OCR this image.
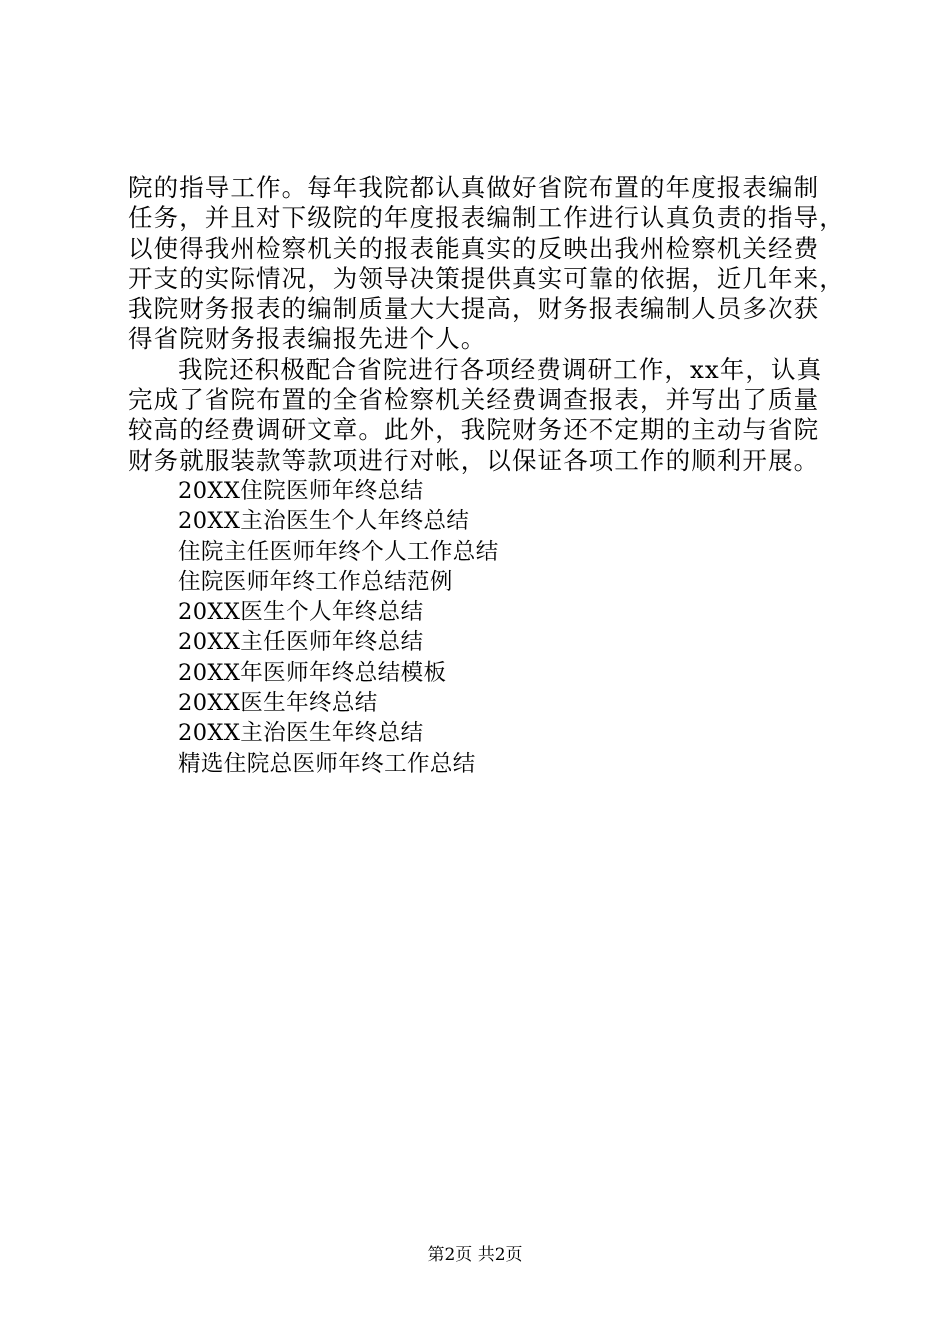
院的指导工作。每年我院都认真做好省院布置的年度报表编制
任务，并且对下级院的年度报表编制工作进行认真负责的指导，
以使得我州检察机关的报表能真实的反映出我州检察机关经费
开支的实际情况，为领导决策提供真实可靠的依据，近几年来，
我院财务报表的编制质量大大提高，财务报表编制人员多次获
得省院财务报表编报先进个人。
我院还积极配合省院进行各项经费调研工作，xx年，认真
完成了省院布置的全省检察机关经费调查报表，并写出了质量
较高的经费调研文章。此外，我院财务还不定期的主动与省院
财务就服装款等款项进行对帐，以保证各项工作的顺利开展。
20XX住院医师年终总结
20XX主治医生个人年终总结
住院主任医师年终个人工作总结
住院医师年终工作总结范例
20XX医生个人年终总结
20XX主任医师年终总结
20XX年医师年终总结模板
20XX医生年终总结
20XX主治医生年终总结
精选住院总医师年终工作总结
第2页 共2页
